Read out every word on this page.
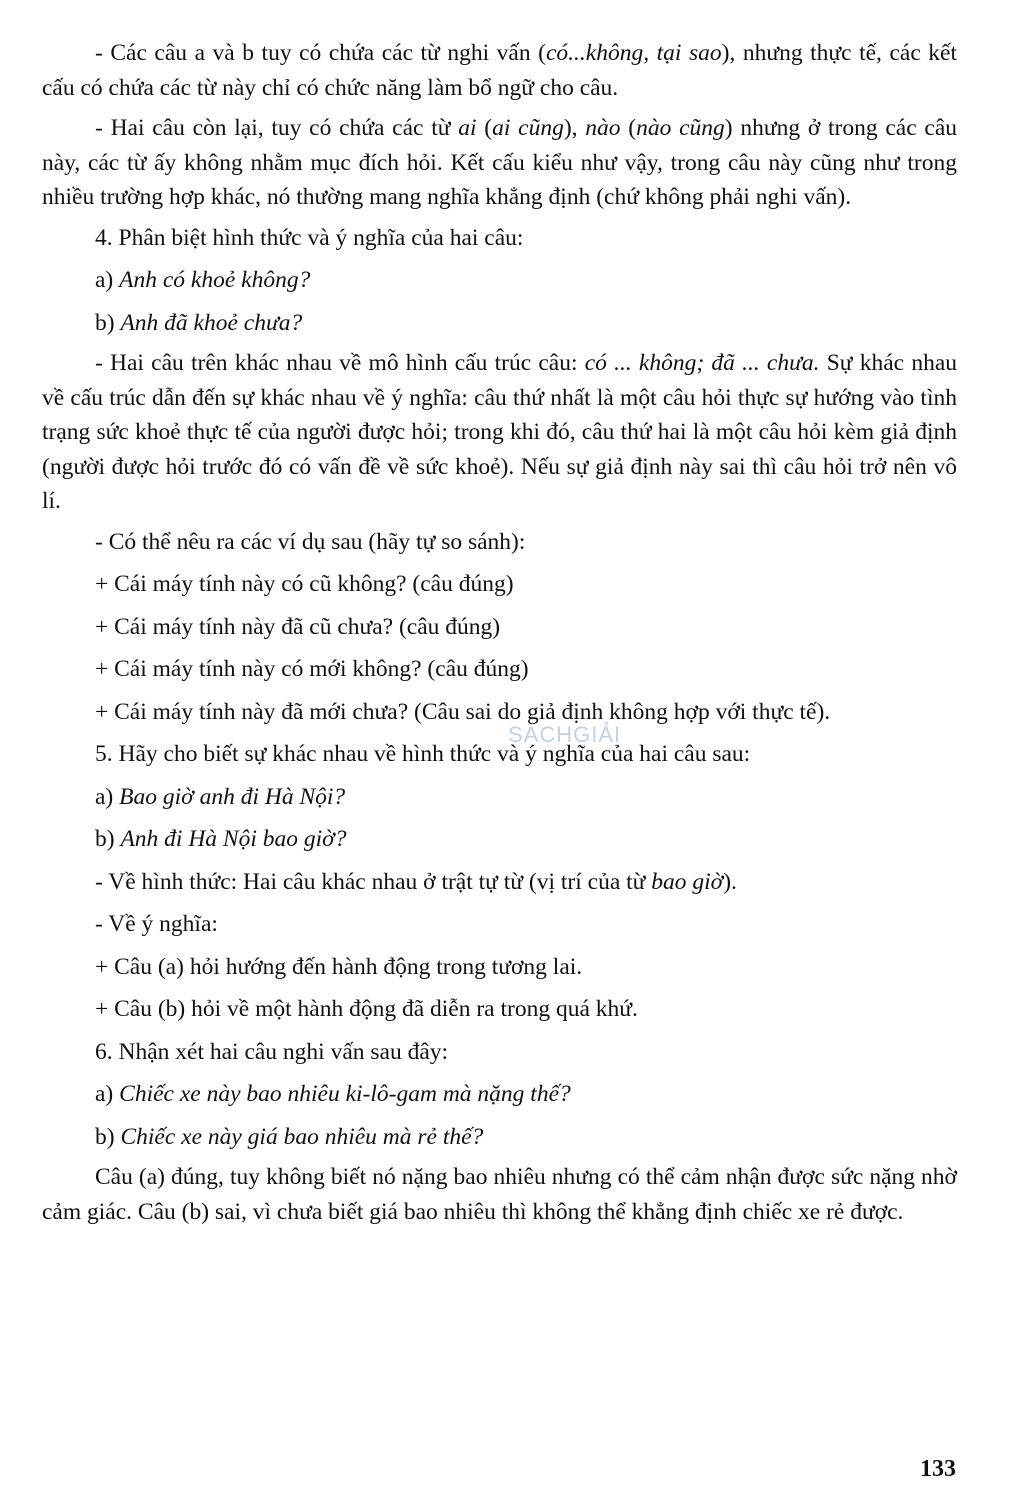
- Các câu a và b tuy có chứa các từ nghi vấn (có...không, tại sao), nhưng thực tế, các kết cấu có chứa các từ này chỉ có chức năng làm bổ ngữ cho câu.

- Hai câu còn lại, tuy có chứa các từ ai (ai cũng), nào (nào cũng) nhưng ở trong các câu này, các từ ấy không nhằm mục đích hỏi. Kết cấu kiểu như vậy, trong câu này cũng như trong nhiều trường hợp khác, nó thường mang nghĩa khẳng định (chứ không phải nghi vấn).

4. Phân biệt hình thức và ý nghĩa của hai câu:

a) Anh có khoẻ không?

b) Anh đã khoẻ chưa?

- Hai câu trên khác nhau về mô hình cấu trúc câu: có ... không; đã ... chưa. Sự khác nhau về cấu trúc dẫn đến sự khác nhau về ý nghĩa: câu thứ nhất là một câu hỏi thực sự hướng vào tình trạng sức khoẻ thực tế của người được hỏi; trong khi đó, câu thứ hai là một câu hỏi kèm giả định (người được hỏi trước đó có vấn đề về sức khoẻ). Nếu sự giả định này sai thì câu hỏi trở nên vô lí.

- Có thể nêu ra các ví dụ sau (hãy tự so sánh):

+ Cái máy tính này có cũ không? (câu đúng)

+ Cái máy tính này đã cũ chưa? (câu đúng)

+ Cái máy tính này có mới không? (câu đúng)

+ Cái máy tính này đã mới chưa? (Câu sai do giả định không hợp với thực tế).

5. Hãy cho biết sự khác nhau về hình thức và ý nghĩa của hai câu sau:

a) Bao giờ anh đi Hà Nội?

b) Anh đi Hà Nội bao giờ?

- Về hình thức: Hai câu khác nhau ở trật tự từ (vị trí của từ bao giờ).

- Về ý nghĩa:

+ Câu (a) hỏi hướng đến hành động trong tương lai.

+ Câu (b) hỏi về một hành động đã diễn ra trong quá khứ.

6. Nhận xét hai câu nghi vấn sau đây:

a) Chiếc xe này bao nhiêu ki-lô-gam mà nặng thế?

b) Chiếc xe này giá bao nhiêu mà rẻ thế?

Câu (a) đúng, tuy không biết nó nặng bao nhiêu nhưng có thể cảm nhận được sức nặng nhờ cảm giác. Câu (b) sai, vì chưa biết giá bao nhiêu thì không thể khẳng định chiếc xe rẻ được.

SÁCHGIẢI
133
